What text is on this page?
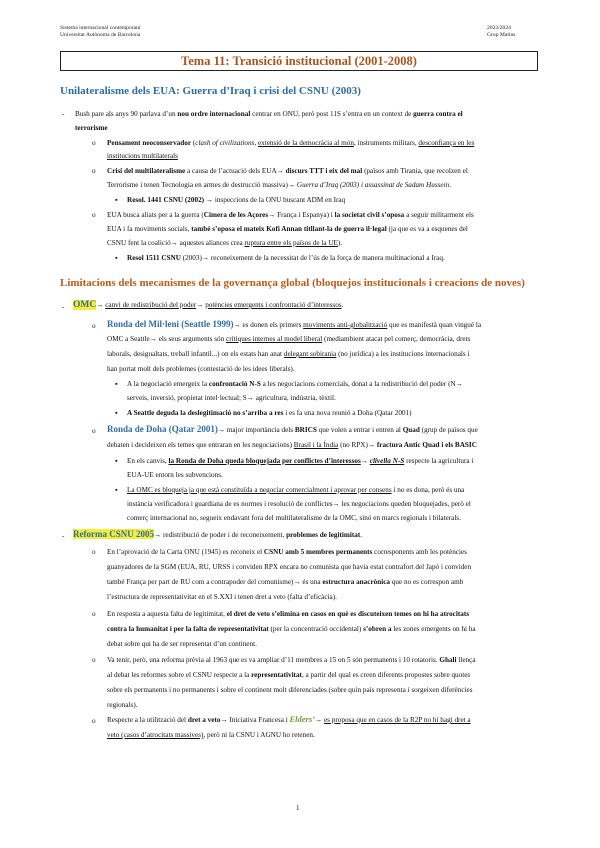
Sistema internacional contemporani
Universitat Autònoma de Barcelona
2023/2024
Grup Matins
Tema 11: Transició institucional (2001-2008)
Unilateralisme dels EUA: Guerra d’Iraq i crisi del CSNU (2003)
- Bush pare als anys 90 parlava d’un nou ordre internacional centrar en ONU, però post 11S s’entra en un context de guerra contra el
terrorisme
o Pensament neoconservador (clash of civilizations, extensió de la democràcia al món, instruments militars, desconfiança en les
institucions multilaterals
o Crisi del multilateralisme a causa de l’actuació dels EUA→ discurs TTT i eix del mal (països amb Tirania, que recolzen el
Terrorisme i tenen Tecnologia en armes de destrucció massiva)→ Guerra d’Iraq (2003) i assassinat de Sadam Hussein.
▪ Resol. 1441 CSNU (2002) → inspeccions de la ONU buscant ADM en Iraq
o EUA busca aliats per a la guerra (Cimera de les Açores→ França i Espanya) i la societat civil s’oposa a seguir militarment els
EUA i fa moviments socials, també s’oposa el mateix Kofi Annan titllant-la de guerra il·legal (ja que es va a esquenes del
CSNU fent la coalició→ aquestes aliances crea ruptura entre els països de la UE).
▪ Resol 1511 CSNU (2003)→ reconeixement de la necessitat de l’ús de la força de manera multinacional a Iraq.
Limitacions dels mecanismes de la governança global (bloquejos institucionals i creacions de noves)
- OMC→ canvi de redistribució del poder→ potències emergents i confrontació d’interessos.
o Ronda del Mil·leni (Seattle 1999)→ es donen els primers moviments anti-globalització que es manifestà quan vingué la
OMC a Seattle→ els seus arguments són crítiques internes al model liberal (mediambient atacat pel comerç, democràcia, drets
laborals, desigualtats, treball infantil...) on els estats han anat delegant sobirania (no jurídica) a les institucions internacionals i
han portat molt dels problemes (contestació de les idees liberals).
▪ A la negociació emergeix la confrontació N-S a les negociacions comercials, donat a la redistribució del poder (N→
serveis, inversió, propietat intel·lectual; S→ agricultura, indústria, tèxtil.
▪ A Seattle deguda la deslegitimació no s’arriba a res i es fa una nova reunió a Doha (Qatar 2001)
o Ronda de Doha (Qatar 2001)→ major importància dels BRICS que volen a entrar i entren al Quad (grup de països que
debaten i decideixen els temes que entraran en les negociacions) Brasil i la Índia (no RPX)→ fractura Antic Quad i els BASIC
▪ En els canvis, la Ronda de Doha queda bloquejada per conflictes d’interessos→ clivella N-S respecte la agricultura i
EUA-UE entorn les subvencions.
▪ La OMC es bloqueja ja que està constituïda a negociar comercialment i aprovar per consens i no es dona, però és una
instància verificadora i guardiana de es normes i resolució de conflictes→ les negociacions queden bloquejades, però el
comerç internacional no, segueix endavant fora del multilateralisme de la OMC, sinó en marcs regionals i bilaterals.
- Reforma CSNU 2005→ redistribució de poder i de reconeixement, problemes de legitimitat.
o En l’aprovació de la Carta ONU (1945) es reconeix el CSNU amb 5 membres permanents corresponents amb les potències
guanyadores de la SGM (EUA, RU, URSS i conviden RPX encara no comunista que havia estat contrafort del Japó i conviden
també França per part de RU com a contrapoder del comunisme)→ és una estructura anacrònica que no es correspon amb
l’estructura de representativitat en el S.XXI i tenen dret a veto (falta d’eficàcia).
o En resposta a aquesta falta de legitimitat, el dret de veto s’elimina en casos en què es discuteixen temes on hi ha atrocitats
contra la humanitat i per la falta de representativitat (per la concentració occidental) s’obren a les zones emergents on hi ha
debat sobre qui ha de ser representat d’un continent.
o Va tenir, però, una reforma prèvia al 1963 que es va ampliar d’11 membres a 15 on 5 són permanents i 10 rotatoris. Ghali llença
al debat les reformes sobre el CSNU respecte a la representativitat, a partir del qual es creen diferents propostes sobre quotes
sobre els permanents i no permanents i sobre el continent molt diferenciades (sobre quin país representa i sorgeixen diferències
regionals).
o Respecte a la utilització del dret a veto→ Iniciativa Francesa i Elders’→ es proposa que en casos de la R2P no hi hagi dret a
veto (casos d’atrocitats massives), però ni la CSNU i AGNU ho retenen.
1
